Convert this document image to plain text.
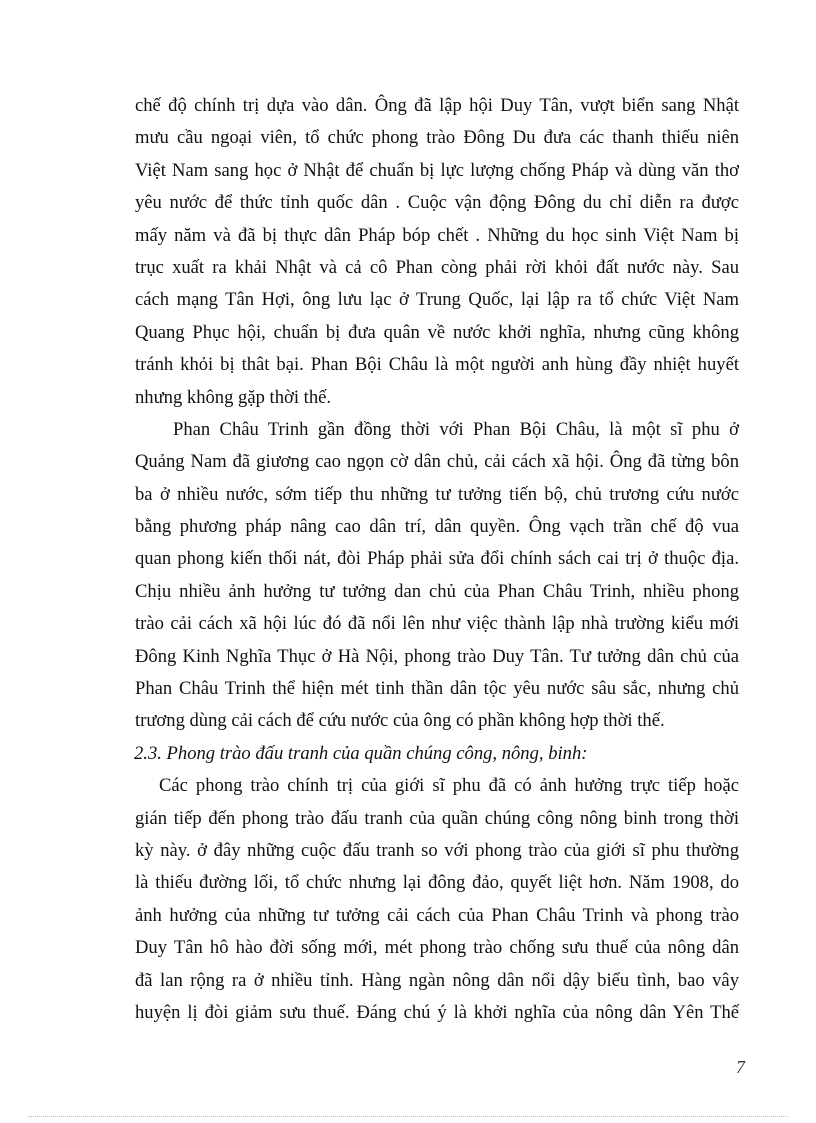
chế độ chính trị dựa vào dân. Ông đã lập hội Duy Tân, vượt biển sang Nhật
mưu cầu ngoại viên, tổ chức phong trào Đông Du đưa các thanh thiếu niên
Việt Nam sang học ở Nhật để chuẩn bị lực lượng chống Pháp và dùng văn thơ
yêu nước để thức tỉnh quốc dân . Cuộc vận động Đông du chỉ diễn ra được
mấy năm và đã bị thực dân Pháp bóp chết . Những du học sinh Việt Nam bị
trục xuất ra khải Nhật và cả cô Phan còng phải rời khỏi đất nước này. Sau
cách mạng Tân Hợi, ông lưu lạc ở Trung Quốc, lại lập ra tổ chức Việt Nam
Quang Phục hội, chuẩn bị đưa quân về nước khởi nghĩa, nhưng cũng không
tránh khỏi bị thât bại. Phan Bội Châu là một người anh hùng đầy nhiệt huyết
nhưng không gặp thời thế.
Phan Châu Trinh gần đồng thời với Phan Bội Châu, là một sĩ phu ở
Quảng Nam đã giương cao ngọn cờ dân chủ, cải cách xã hội. Ông đã từng bôn
ba ở nhiều nước, sớm tiếp thu những tư tưởng tiến bộ, chủ trương cứu nước
bằng phương pháp nâng cao dân trí, dân quyền. Ông vạch trần chế độ vua
quan phong kiến thối nát, đòi Pháp phải sửa đổi chính sách cai trị ở thuộc địa.
Chịu nhiều ảnh hưởng tư tưởng dan chủ của Phan Châu Trinh, nhiều phong
trào cải cách xã hội lúc đó đã nổi lên như việc thành lập nhà trường kiểu mới
Đông Kinh Nghĩa Thục ở Hà Nội, phong trào Duy Tân. Tư tưởng dân chủ của
Phan Châu Trinh thể hiện mét tinh thần dân tộc yêu nước sâu sắc, nhưng chủ
trương dùng cải cách để cứu nước của ông có phần không hợp thời thế.
2.3. Phong trào đấu tranh của quần chúng công, nông, binh:
Các phong trào chính trị của giới sĩ phu đã có ảnh hưởng trực tiếp hoặc
gián tiếp đến phong trào đấu tranh của quần chúng công nông binh trong thời
kỳ này. ở đây những cuộc đấu tranh so với phong trào của giới sĩ phu thường
là thiếu đường lối, tổ chức nhưng lại đông đảo, quyết liệt hơn. Năm 1908, do
ảnh hưởng của những tư tưởng cải cách của Phan Châu Trinh và phong trào
Duy Tân hô hào đời sống mới, mét phong trào chống sưu thuế của nông dân
đã lan rộng ra ở nhiều tỉnh. Hàng ngàn nông dân nổi dậy biểu tình, bao vây
huyện lị đòi giảm sưu thuế. Đáng chú ý là khởi nghĩa của nông dân Yên Thế
7
